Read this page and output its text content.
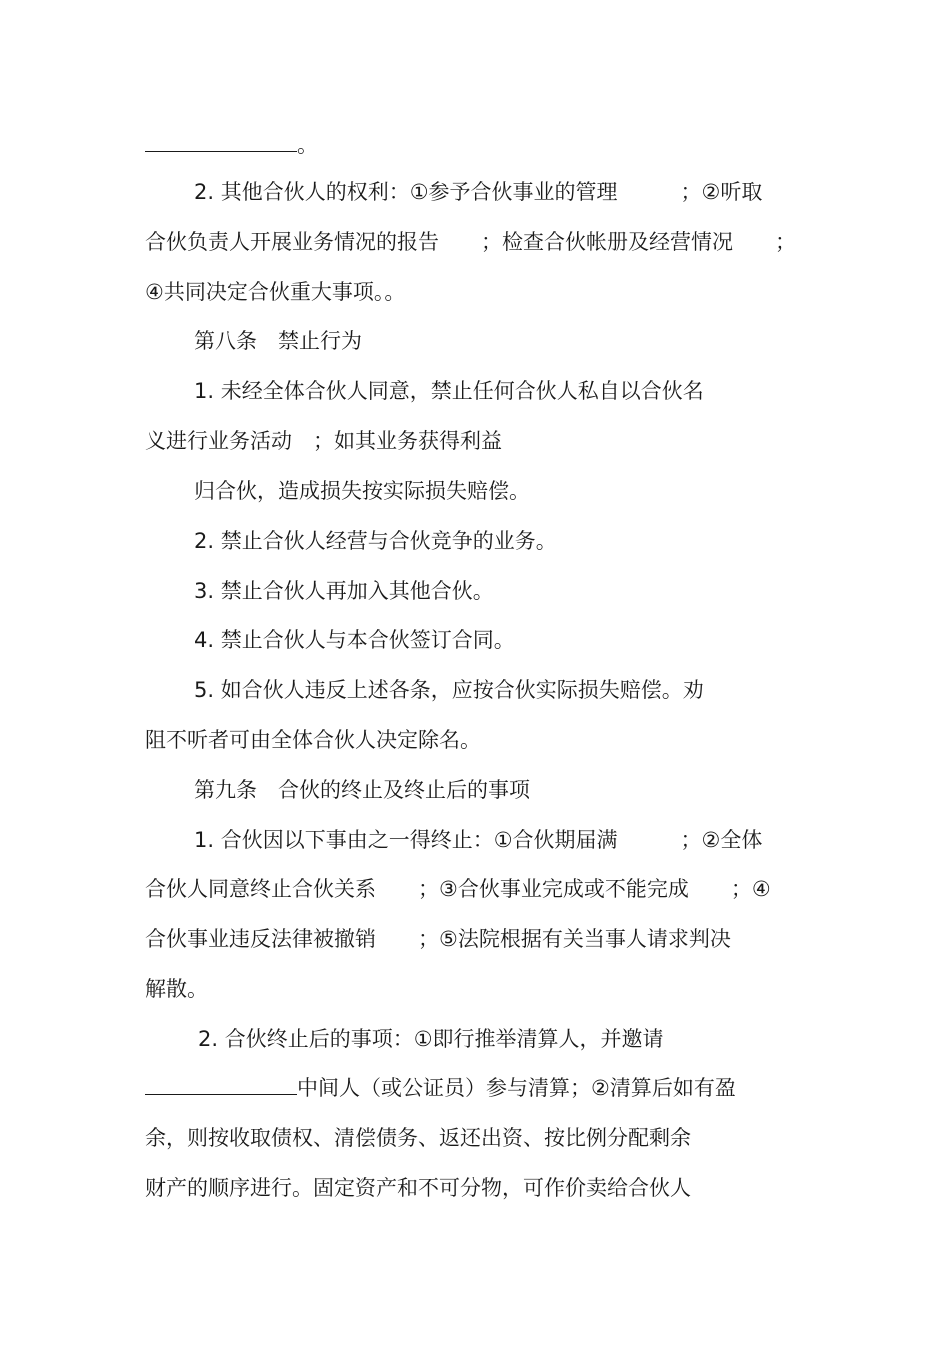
。
2. 其他合伙人的权利：①参予合伙事业的管理　　　；②听取
合伙负责人开展业务情况的报告　　；检查合伙帐册及经营情况　　；
④共同决定合伙重大事项。。
第八条　禁止行为
1. 未经全体合伙人同意，禁止任何合伙人私自以合伙名
义进行业务活动　；如其业务获得利益
归合伙，造成损失按实际损失赔偿。
2. 禁止合伙人经营与合伙竞争的业务。
3. 禁止合伙人再加入其他合伙。
4. 禁止合伙人与本合伙签订合同。
5. 如合伙人违反上述各条，应按合伙实际损失赔偿。劝
阻不听者可由全体合伙人决定除名。
第九条　合伙的终止及终止后的事项
1. 合伙因以下事由之一得终止：①合伙期届满　　　；②全体
合伙人同意终止合伙关系　　；③合伙事业完成或不能完成　　；④
合伙事业违反法律被撤销　　；⑤法院根据有关当事人请求判决
解散。
2. 合伙终止后的事项：①即行推举清算人，并邀请
中间人（或公证员）参与清算；②清算后如有盈
余，则按收取债权、清偿债务、返还出资、按比例分配剩余
财产的顺序进行。固定资产和不可分物，可作价卖给合伙人
